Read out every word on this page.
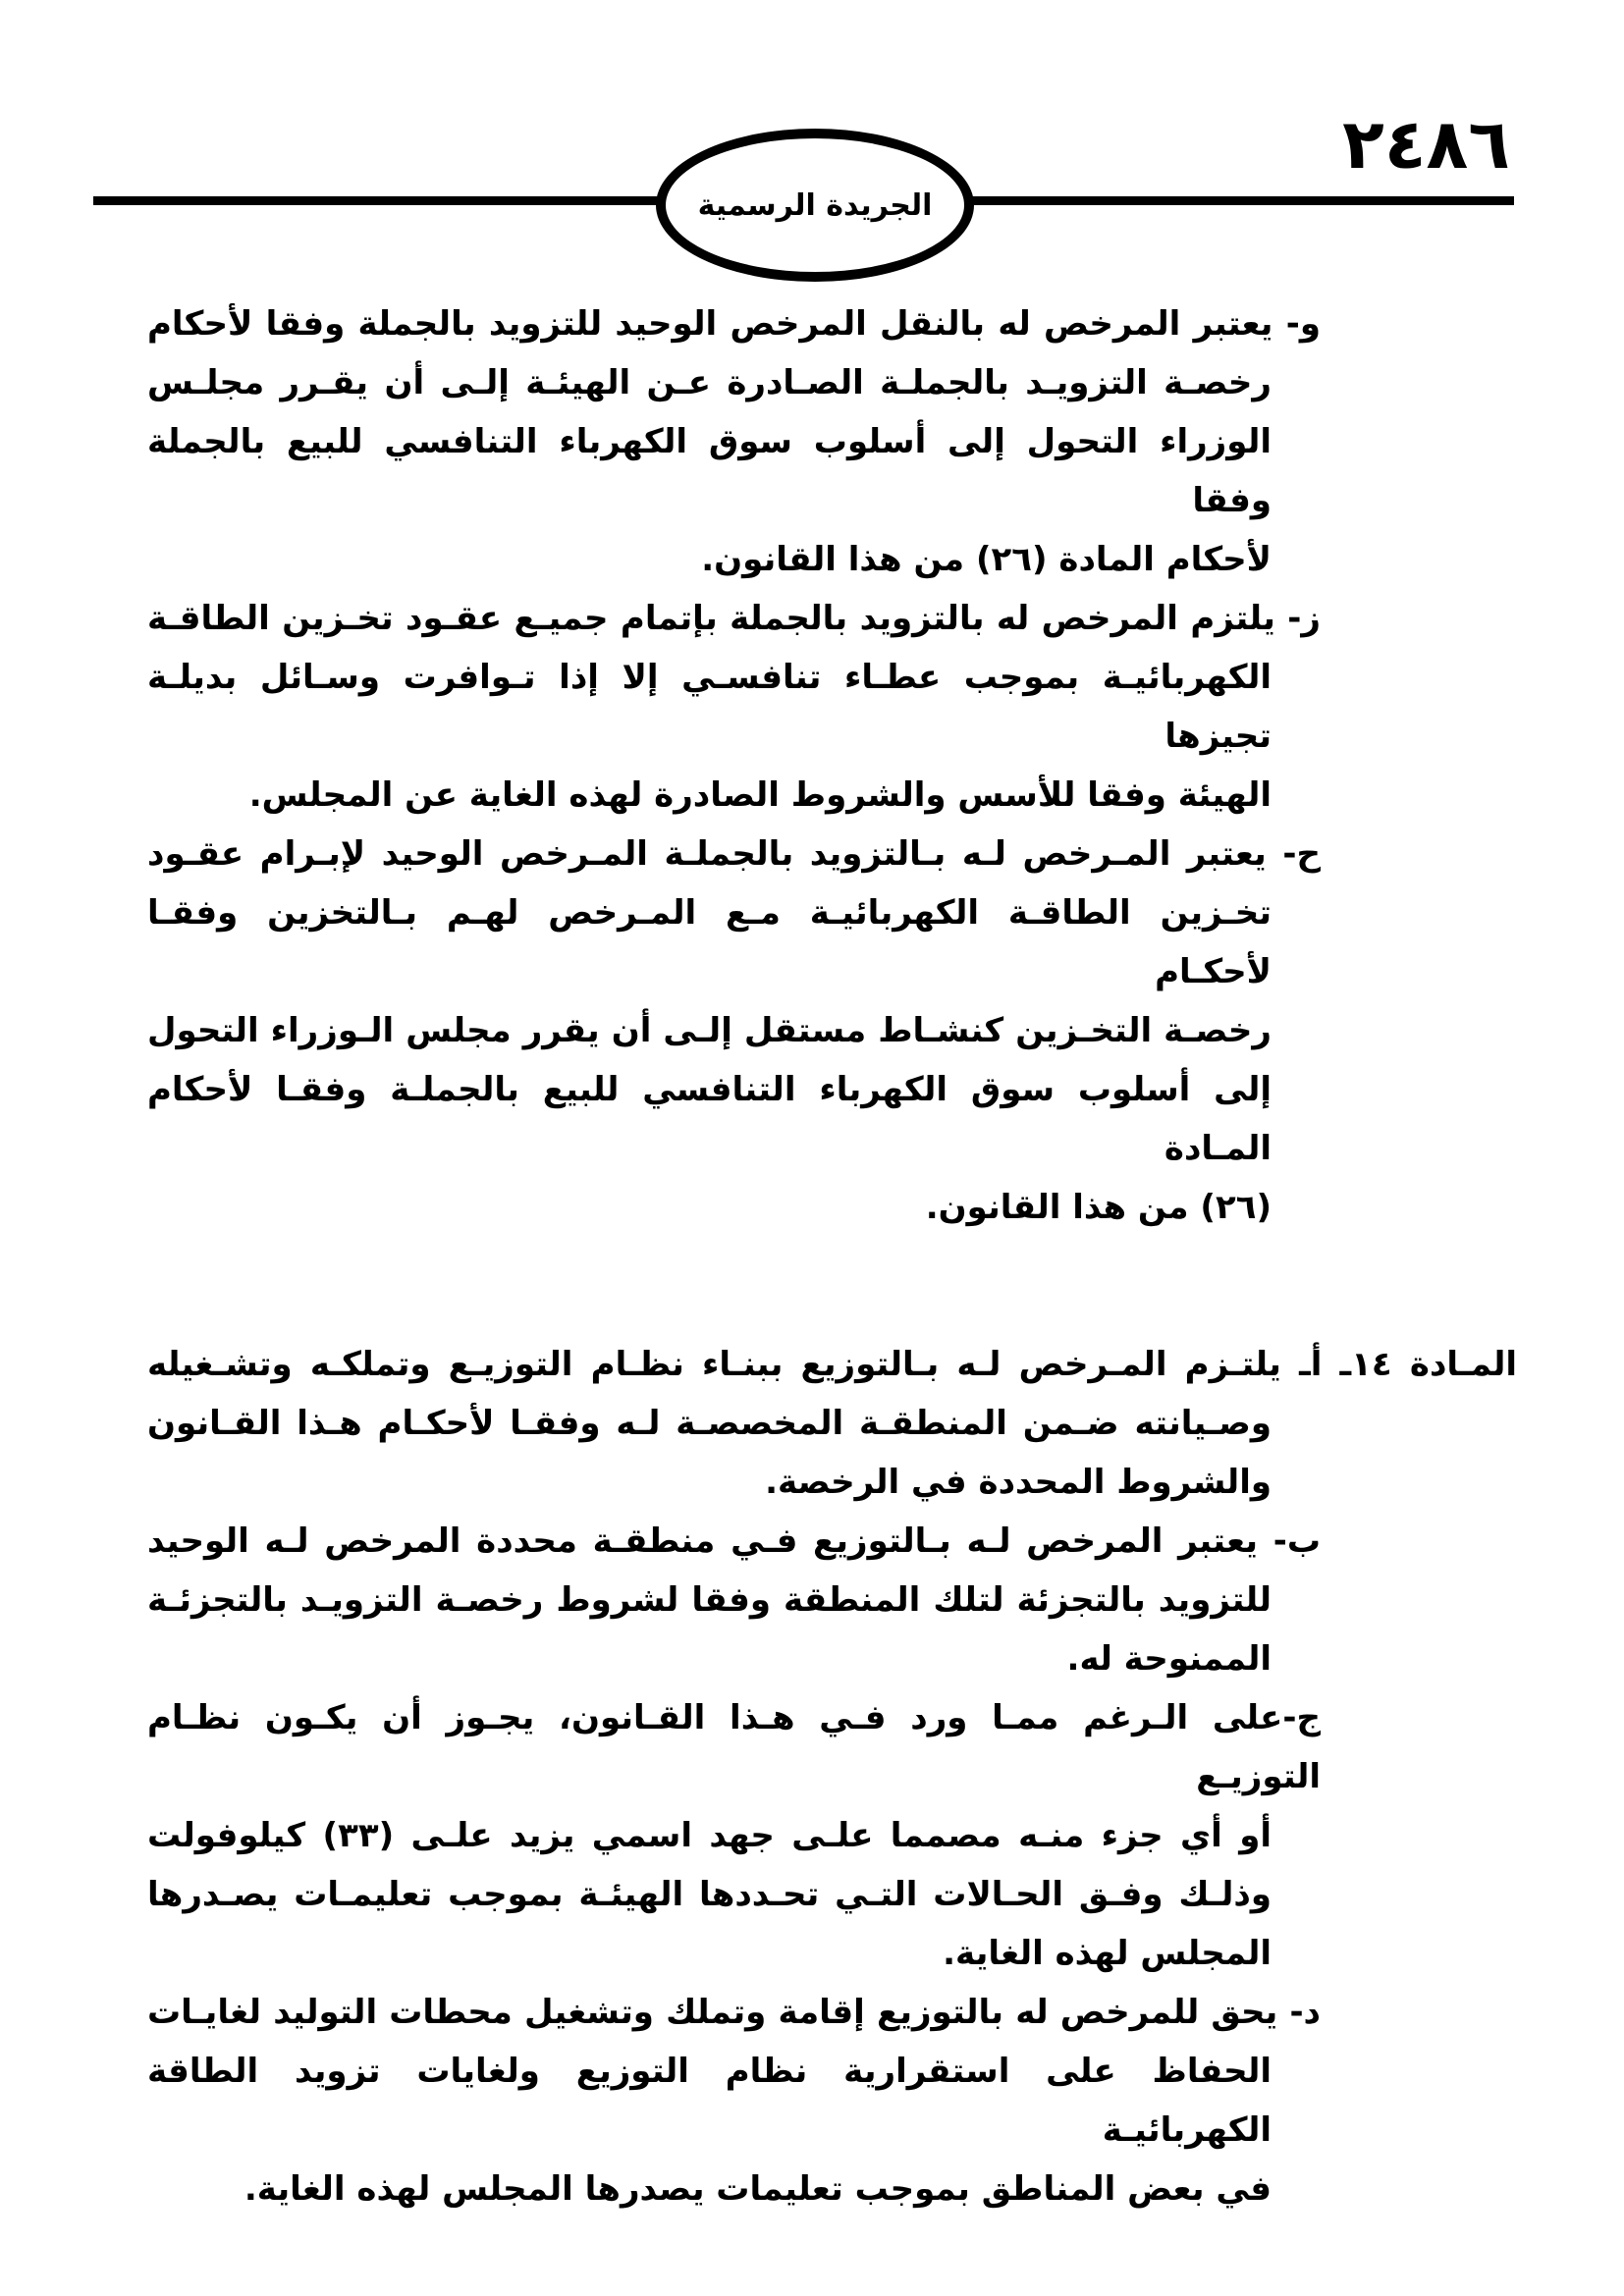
٢٤٨٦
الجريدة الرسمية
و- يعتبر المرخص له بالنقل المرخص الوحيد للتزويد بالجملة وفقا لأحكام
رخصـة التزويـد بالجملـة الصـادرة عـن الهيئـة إلـى أن يقـرر مجلـس
الوزراء التحول إلى أسلوب سوق الكهرباء التنافسي للبيع بالجملة وفقا
لأحكام المادة (٢٦) من هذا القانون.
ز- يلتزم المرخص له بالتزويد بالجملة بإتمام جميـع عقـود تخـزين الطاقـة
الكهربائيـة بموجب عطـاء تنافسـي إلا إذا تـوافرت وسـائل بديلـة تجيزها
الهيئة وفقا للأسس والشروط الصادرة لهذه الغاية عن المجلس.
ح- يعتبر المـرخص لـه بـالتزويد بالجملـة المـرخص الوحيد لإبـرام عقـود
تخـزين الطاقـة الكهربائيـة مـع المـرخص لهـم بـالتخزين وفقـا لأحكـام
رخصـة التخـزين كنشـاط مستقل إلـى أن يقرر مجلس الـوزراء التحول
إلى أسلوب سوق الكهرباء التنافسي للبيع بالجملـة وفقـا لأحكام المـادة
(٢٦) من هذا القانون.
المـادة ١٤ـ أـ يلتـزم المـرخص لـه بـالتوزيع ببنـاء نظـام التوزيـع وتملكـه وتشـغيله
وصـيانته ضـمن المنطقـة المخصصـة لـه وفقـا لأحكـام هـذا القـانون
والشروط المحددة في الرخصة.
ب- يعتبر المرخص لـه بـالتوزيع فـي منطقـة محددة المرخص لـه الوحيد
للتزويد بالتجزئة لتلك المنطقة وفقا لشروط رخصـة التزويـد بالتجزئـة
الممنوحة له.
ج-على الـرغم ممـا ورد فـي هـذا القـانون، يجـوز أن يكـون نظـام التوزيـع
أو أي جزء منـه مصمما علـى جهد اسمي يزيد علـى (٣٣) كيلوفولت
وذلـك وفـق الحـالات التـي تحـددها الهيئـة بموجب تعليمـات يصـدرها
المجلس لهذه الغاية.
د- يحق للمرخص له بالتوزيع إقامة وتملك وتشغيل محطات التوليد لغايـات
الحفاظ على استقرارية نظام التوزيع ولغايات تزويد الطاقة الكهربائيـة
في بعض المناطق بموجب تعليمات يصدرها المجلس لهذه الغاية.
